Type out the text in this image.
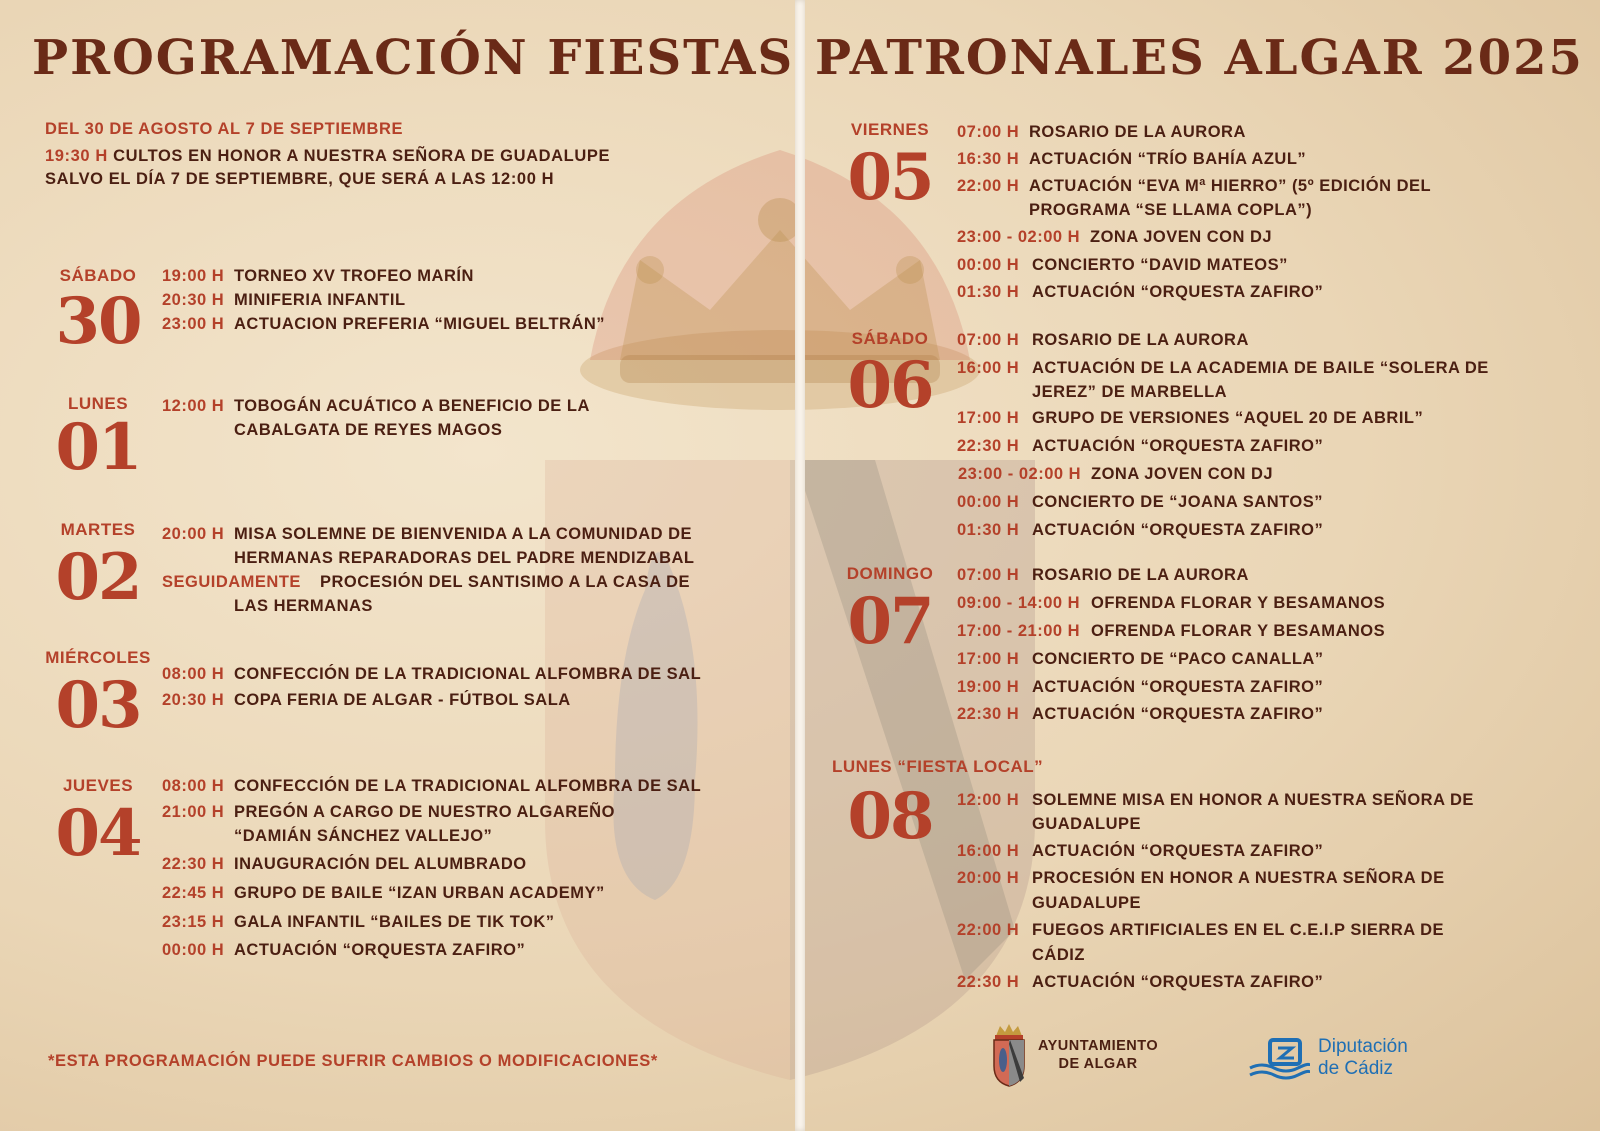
PROGRAMACIÓN FIESTAS
DEL 30 DE AGOSTO AL 7 DE SEPTIEMBRE
19:30 H CULTOS EN HONOR A NUESTRA SEÑORA DE GUADALUPE
SALVO EL DÍA 7 DE SEPTIEMBRE, QUE SERÁ A LAS 12:00 H
SÁBADO
30
19:00 H TORNEO XV TROFEO MARÍN
20:30 H MINIFERIA INFANTIL
23:00 H ACTUACION PREFERIA “MIGUEL BELTRÁN”
LUNES
01
12:00 H TOBOGÁN ACUÁTICO A BENEFICIO DE LA
CABALGATA DE REYES MAGOS
MARTES
02
20:00 H MISA SOLEMNE DE BIENVENIDA A LA COMUNIDAD DE
HERMANAS REPARADORAS DEL PADRE MENDIZABAL
SEGUIDAMENTE	PROCESIÓN DEL SANTISIMO A LA CASA DE
LAS HERMANAS
MIÉRCOLES
03	08:00 H CONFECCIÓN DE LA TRADICIONAL ALFOMBRA DE SAL
20:30 H COPA FERIA DE ALGAR - FÚTBOL SALA
JUEVES
04
08:00 H CONFECCIÓN DE LA TRADICIONAL ALFOMBRA DE SAL
21:00 H PREGÓN A CARGO DE NUESTRO ALGAREÑO
“DAMIÁN SÁNCHEZ VALLEJO”
22:30 H INAUGURACIÓN DEL ALUMBRADO
22:45 H GRUPO DE BAILE “IZAN URBAN ACADEMY”
23:15 H GALA INFANTIL “BAILES DE TIK TOK”
00:00 H ACTUACIÓN “ORQUESTA ZAFIRO”
*ESTA PROGRAMACIÓN PUEDE SUFRIR CAMBIOS O MODIFICACIONES*
PATRONALES ALGAR 2025
VIERNES
05
07:00 H ROSARIO DE LA AURORA
16:30 H ACTUACIÓN “TRÍO BAHÍA AZUL”
22:00 H ACTUACIÓN “EVA Mª HIERRO” (5º EDICIÓN DEL
PROGRAMA “SE LLAMA COPLA”)
23:00 - 02:00 H ZONA JOVEN CON DJ
00:00 H CONCIERTO “DAVID MATEOS”
01:30 H ACTUACIÓN “ORQUESTA ZAFIRO”
SÁBADO
06
07:00 H ROSARIO DE LA AURORA
16:00 H ACTUACIÓN DE LA ACADEMIA DE BAILE “SOLERA DE
JEREZ” DE MARBELLA
17:00 H GRUPO DE VERSIONES “AQUEL 20 DE ABRIL”
22:30 H ACTUACIÓN “ORQUESTA ZAFIRO”
23:00 - 02:00 H ZONA JOVEN CON DJ
00:00 H CONCIERTO DE “JOANA SANTOS”
01:30 H ACTUACIÓN “ORQUESTA ZAFIRO”
DOMINGO
07
07:00 H ROSARIO DE LA AURORA
09:00 - 14:00 H OFRENDA FLORAR Y BESAMANOS
17:00 - 21:00 H OFRENDA FLORAR Y BESAMANOS
17:00 H CONCIERTO DE “PACO CANALLA”
19:00 H ACTUACIÓN “ORQUESTA ZAFIRO”
22:30 H ACTUACIÓN “ORQUESTA ZAFIRO”
LUNES “FIESTA LOCAL”
08	12:00 H SOLEMNE MISA EN HONOR A NUESTRA SEÑORA DE
GUADALUPE
16:00 H ACTUACIÓN “ORQUESTA ZAFIRO”
20:00 H PROCESIÓN EN HONOR A NUESTRA SEÑORA DE
GUADALUPE
22:00 H FUEGOS ARTIFICIALES EN EL C.E.I.P SIERRA DE
CÁDIZ
22:30 H ACTUACIÓN “ORQUESTA ZAFIRO”
AYUNTAMIENTO
DE ALGAR
Diputación
de Cádiz
